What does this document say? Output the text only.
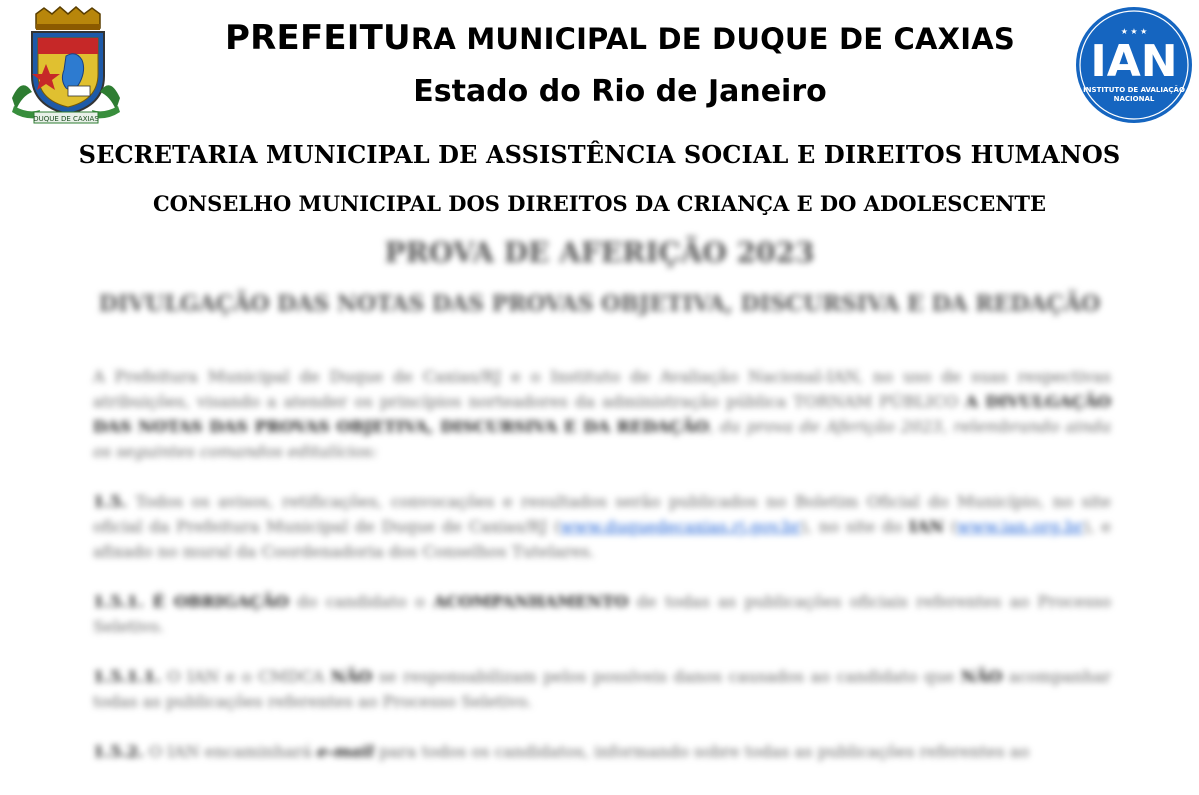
DUQUE DE CAXIAS
PREFEITURA MUNICIPAL DE DUQUE DE CAXIAS
Estado do Rio de Janeiro
IAN
INSTITUTO DE AVALIAÇÃO
NACIONAL
★ ★ ★
SECRETARIA MUNICIPAL DE ASSISTÊNCIA SOCIAL E DIREITOS HUMANOS
CONSELHO MUNICIPAL DOS DIREITOS DA CRIANÇA E DO ADOLESCENTE
PROVA DE AFERIÇÃO 2023
DIVULGAÇÃO DAS NOTAS DAS PROVAS OBJETIVA, DISCURSIVA E DA REDAÇÃO

A Prefeitura Municipal de Duque de Caxias/RJ e o Instituto de Avaliação Nacional-IAN, no uso de suas respectivas atribuições, visando a atender os princípios norteadores da administração pública TORNAM PÚBLICO A DIVULGAÇÃO DAS NOTAS DAS PROVAS OBJETIVA, DISCURSIVA E DA REDAÇÃO, da prova de Aferição 2023, relembrando ainda os seguintes comandos editalícios:

1.5. Todos os avisos, retificações, convocações e resultados serão publicados no Boletim Oficial do Município, no site oficial da Prefeitura Municipal de Duque de Caxias/RJ (www.duquedecaxias.rj.gov.br), no site do IAN (www.ian.org.br), e afixado no mural da Coordenadoria dos Conselhos Tutelares.

1.5.1. É OBRIGAÇÃO do candidato o ACOMPANHAMENTO de todas as publicações oficiais referentes ao Processo Seletivo.

1.5.1.1. O IAN e o CMDCA NÃO se responsabilizam pelos possíveis danos causados ao candidato que NÃO acompanhar todas as publicações referentes ao Processo Seletivo.

1.5.2. O IAN encaminhará e-mail para todos os candidatos, informando sobre todas as publicações referentes ao
